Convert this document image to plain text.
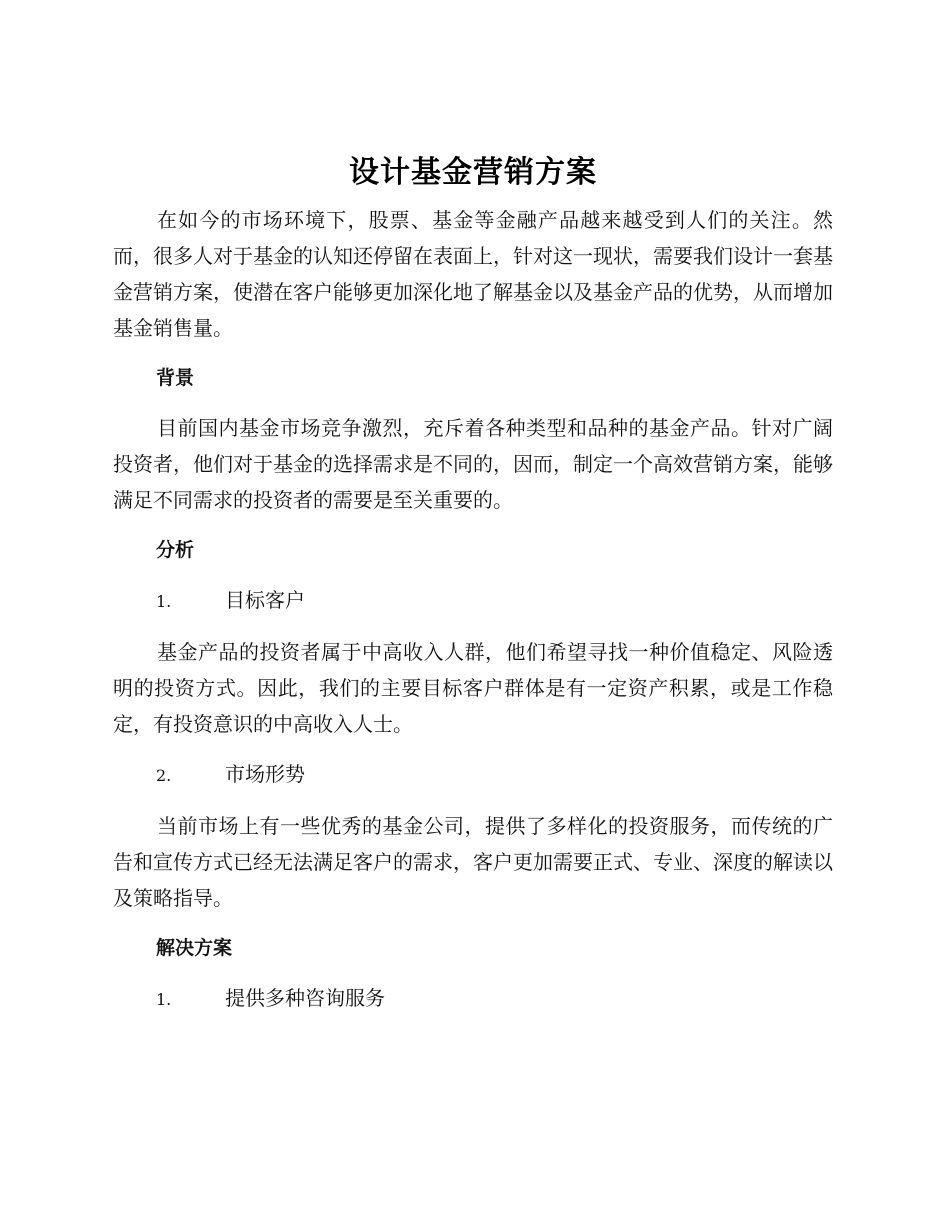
设计基金营销方案

在如今的市场环境下，股票、基金等金融产品越来越受到人们的关注。然而，很多人对于基金的认知还停留在表面上，针对这一现状，需要我们设计一套基金营销方案，使潜在客户能够更加深化地了解基金以及基金产品的优势，从而增加基金销售量。

背景

目前国内基金市场竞争激烈，充斥着各种类型和品种的基金产品。针对广阔投资者，他们对于基金的选择需求是不同的，因而，制定一个高效营销方案，能够满足不同需求的投资者的需要是至关重要的。

分析
1.	目标客户

基金产品的投资者属于中高收入人群，他们希望寻找一种价值稳定、风险透明的投资方式。因此，我们的主要目标客户群体是有一定资产积累，或是工作稳定，有投资意识的中高收入人士。

2.	市场形势

当前市场上有一些优秀的基金公司，提供了多样化的投资服务，而传统的广告和宣传方式已经无法满足客户的需求，客户更加需要正式、专业、深度的解读以及策略指导。

解决方案
1.	提供多种咨询服务
